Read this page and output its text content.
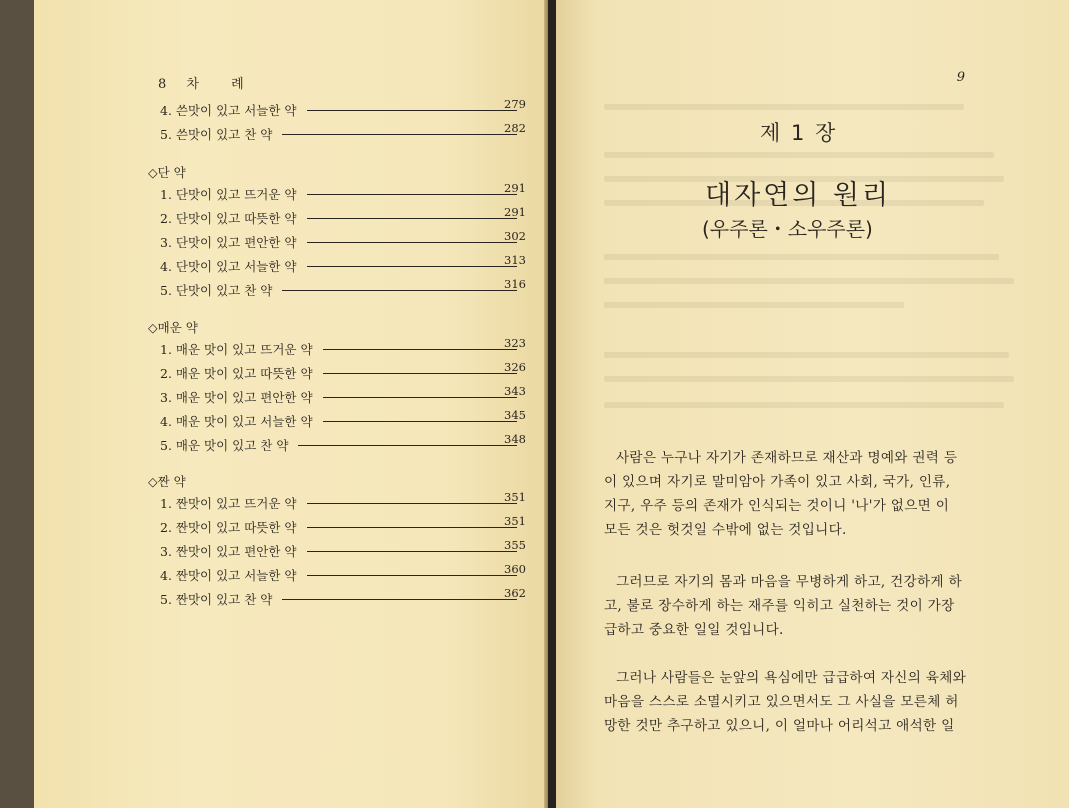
8 차 례
4. 쓴맛이 있고 서늘한 약	279
5. 쓴맛이 있고 찬 약	282
◇단 약
1. 단맛이 있고 뜨거운 약	291
2. 단맛이 있고 따뜻한 약	291
3. 단맛이 있고 편안한 약	302
4. 단맛이 있고 서늘한 약	313
5. 단맛이 있고 찬 약	316
◇매운 약
1. 매운 맛이 있고 뜨거운 약	323
2. 매운 맛이 있고 따뜻한 약	326
3. 매운 맛이 있고 편안한 약	343
4. 매운 맛이 있고 서늘한 약	345
5. 매운 맛이 있고 찬 약	348
◇짠 약
1. 짠맛이 있고 뜨거운 약	351
2. 짠맛이 있고 따뜻한 약	351
3. 짠맛이 있고 편안한 약	355
4. 짠맛이 있고 서늘한 약	360
5. 짠맛이 있고 찬 약	362
9
제 1 장
대자연의 원리
(우주론・소우주론)
사람은 누구나 자기가 존재하므로 재산과 명예와 권력 등
이 있으며 자기로 말미암아 가족이 있고 사회, 국가, 인류,
지구, 우주 등의 존재가 인식되는 것이니 '나'가 없으면 이
모든 것은 헛것일 수밖에 없는 것입니다.
그러므로 자기의 몸과 마음을 무병하게 하고, 건강하게 하
고, 불로 장수하게 하는 재주를 익히고 실천하는 것이 가장
급하고 중요한 일일 것입니다.
그러나 사람들은 눈앞의 욕심에만 급급하여 자신의 육체와
마음을 스스로 소멸시키고 있으면서도 그 사실을 모른체 허
망한 것만 추구하고 있으니, 이 얼마나 어리석고 애석한 일
